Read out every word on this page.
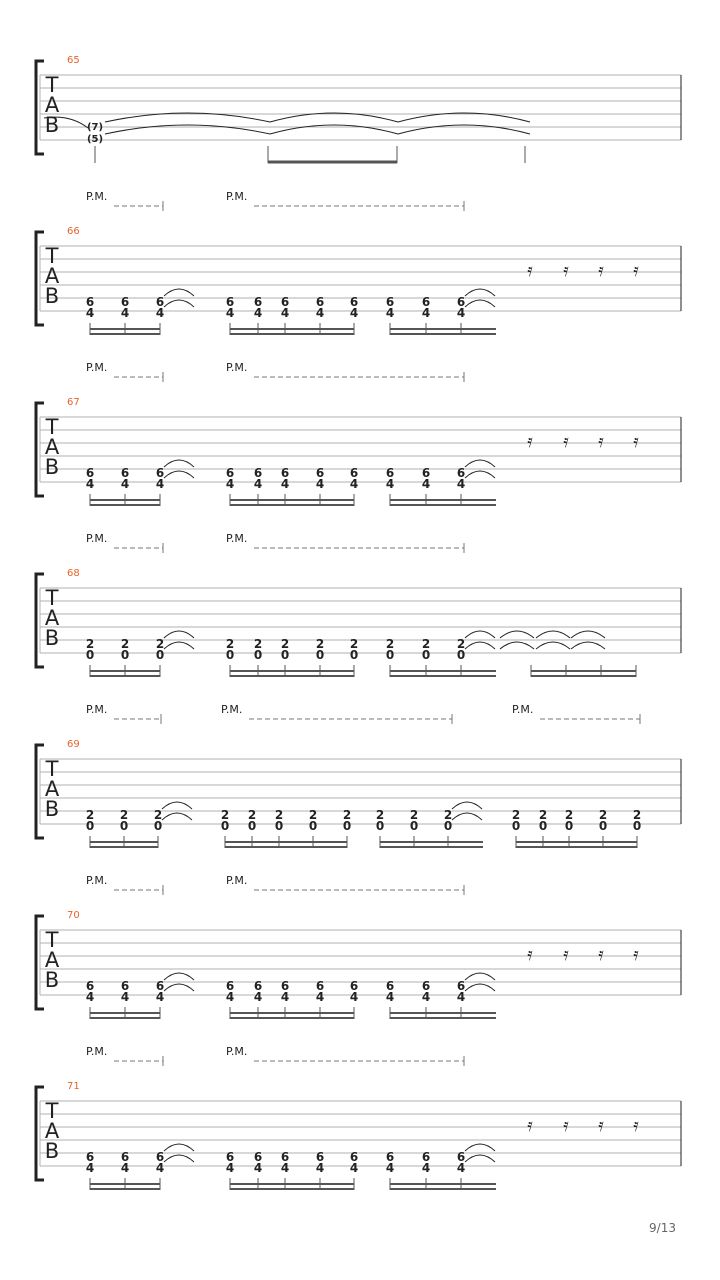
65
T
A
B	(7)
(5)
66
T
A
B
P.M.	P.M.
6
4
6
4
6
4
6
4
6
4
6
4
6
4
6
4
6
4
6
4
6
4
𝄿 𝄿 𝄿 𝄿
67
T
A
B
P.M.	P.M.
6
4
6
4
6
4
6
4
6
4
6
4
6
4
6
4
6
4
6
4
6
4
𝄿 𝄿 𝄿 𝄿
68
T
A
B
P.M.	P.M.
2
0
2
0
2
0
2
0
2
0
2
0
2
0
2
0
2
0
2
0
2
0
69
T
A
B
P.M.	P.M.	P.M.
2
0
2
0
2
0
2
0
2
0
2
0
2
0
2
0
2
0
2
0
2
0
2
0
2
0
2
0
2
0
2
0
70
T
A
B
P.M.	P.M.
6
4
6
4
6
4
6
4
6
4
6
4
6
4
6
4
6
4
6
4
6
4
𝄿 𝄿 𝄿 𝄿
71
T
A
B
P.M.	P.M.
6
4
6
4
6
4
6
4
6
4
6
4
6
4
6
4
6
4
6
4
6
4
𝄿 𝄿 𝄿 𝄿
9/13
